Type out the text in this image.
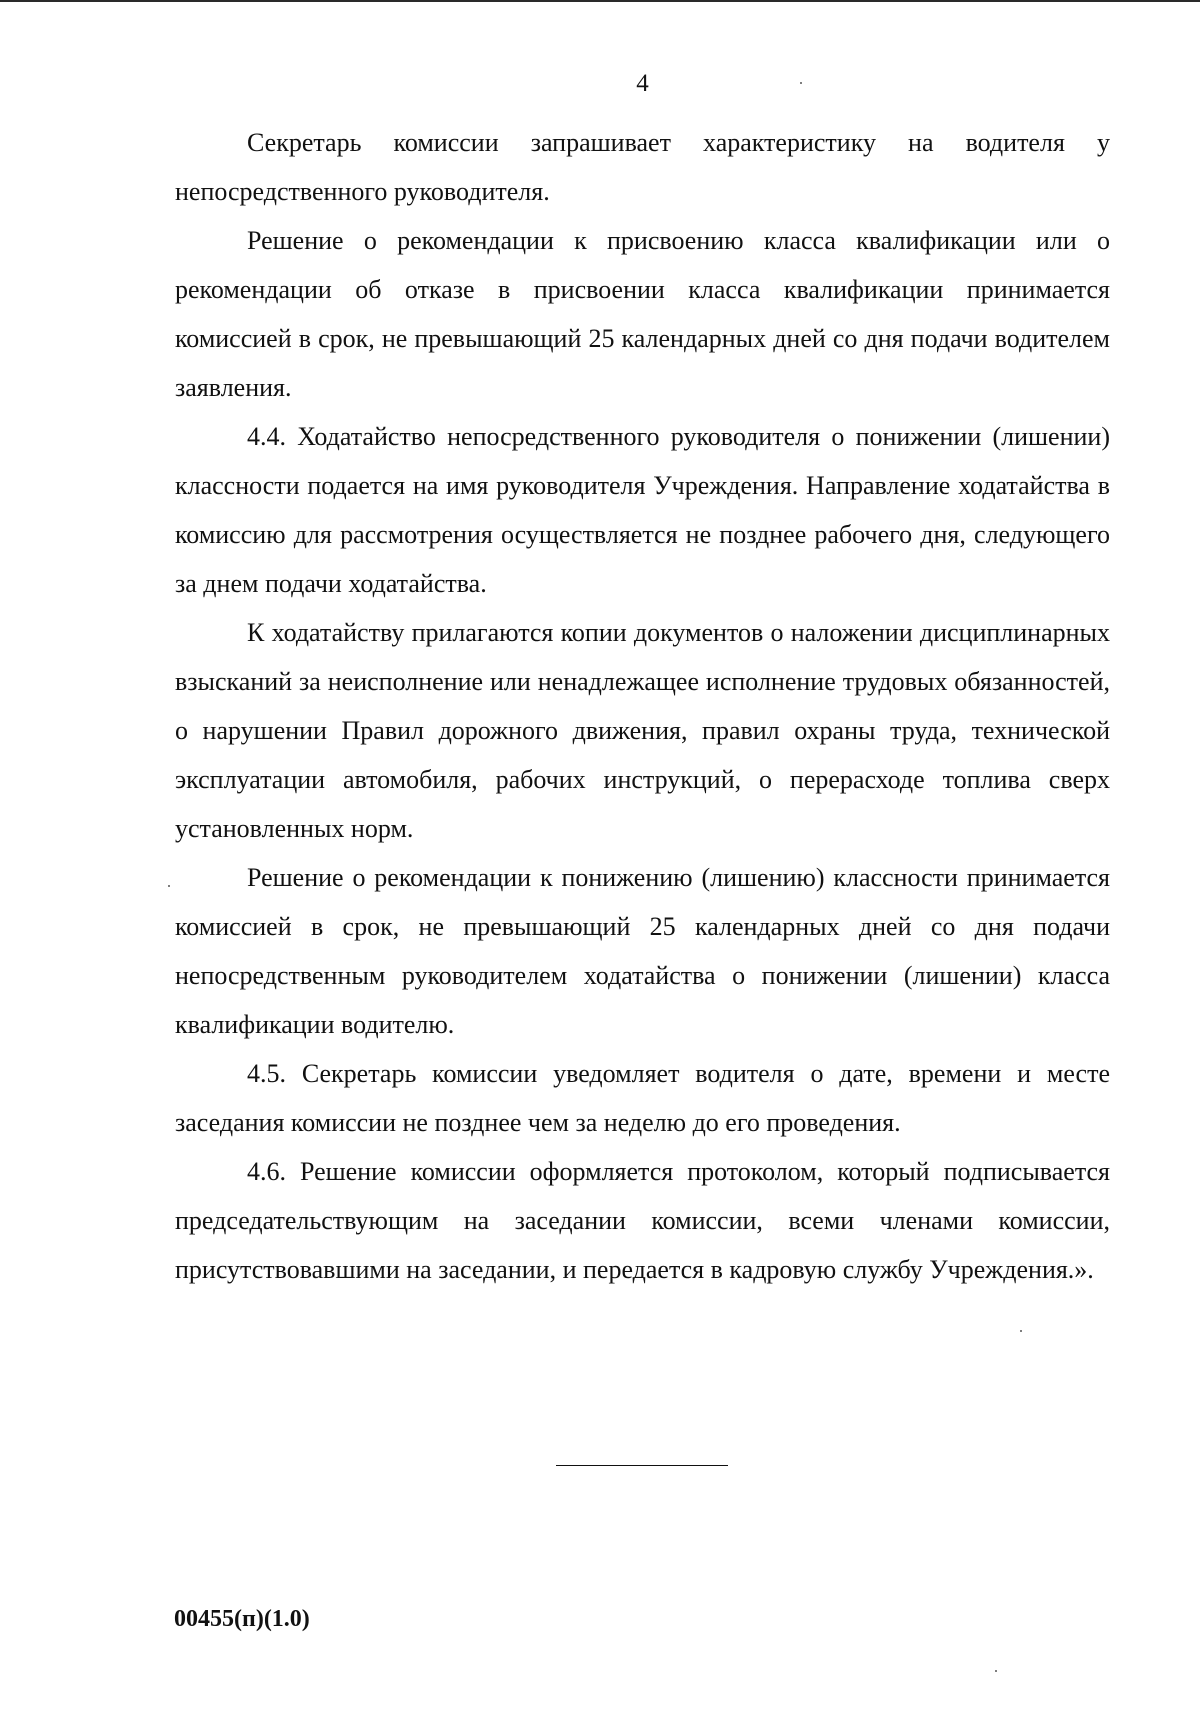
4

Секретарь комиссии запрашивает характеристику на водителя у непосредственного руководителя.

Решение о рекомендации к присвоению класса квалификации или о рекомендации об отказе в присвоении класса квалификации принимается комиссией в срок, не превышающий 25 календарных дней со дня подачи водителем заявления.

4.4. Ходатайство непосредственного руководителя о понижении (лишении) классности подается на имя руководителя Учреждения. Направление ходатайства в комиссию для рассмотрения осуществляется не позднее рабочего дня, следующего за днем подачи ходатайства.

К ходатайству прилагаются копии документов о наложении дисциплинарных взысканий за неисполнение или ненадлежащее исполнение трудовых обязанностей, о нарушении Правил дорожного движения, правил охраны труда, технической эксплуатации автомобиля, рабочих инструкций, о перерасходе топлива сверх установленных норм.

Решение о рекомендации к понижению (лишению) классности принимается комиссией в срок, не превышающий 25 календарных дней со дня подачи непосредственным руководителем ходатайства о понижении (лишении) класса квалификации водителю.

4.5. Секретарь комиссии уведомляет водителя о дате, времени и месте заседания комиссии не позднее чем за неделю до его проведения.

4.6. Решение комиссии оформляется протоколом, который подписывается председательствующим на заседании комиссии, всеми членами комиссии, присутствовавшими на заседании, и передается в кадровую службу Учреждения.».

00455(п)(1.0)
